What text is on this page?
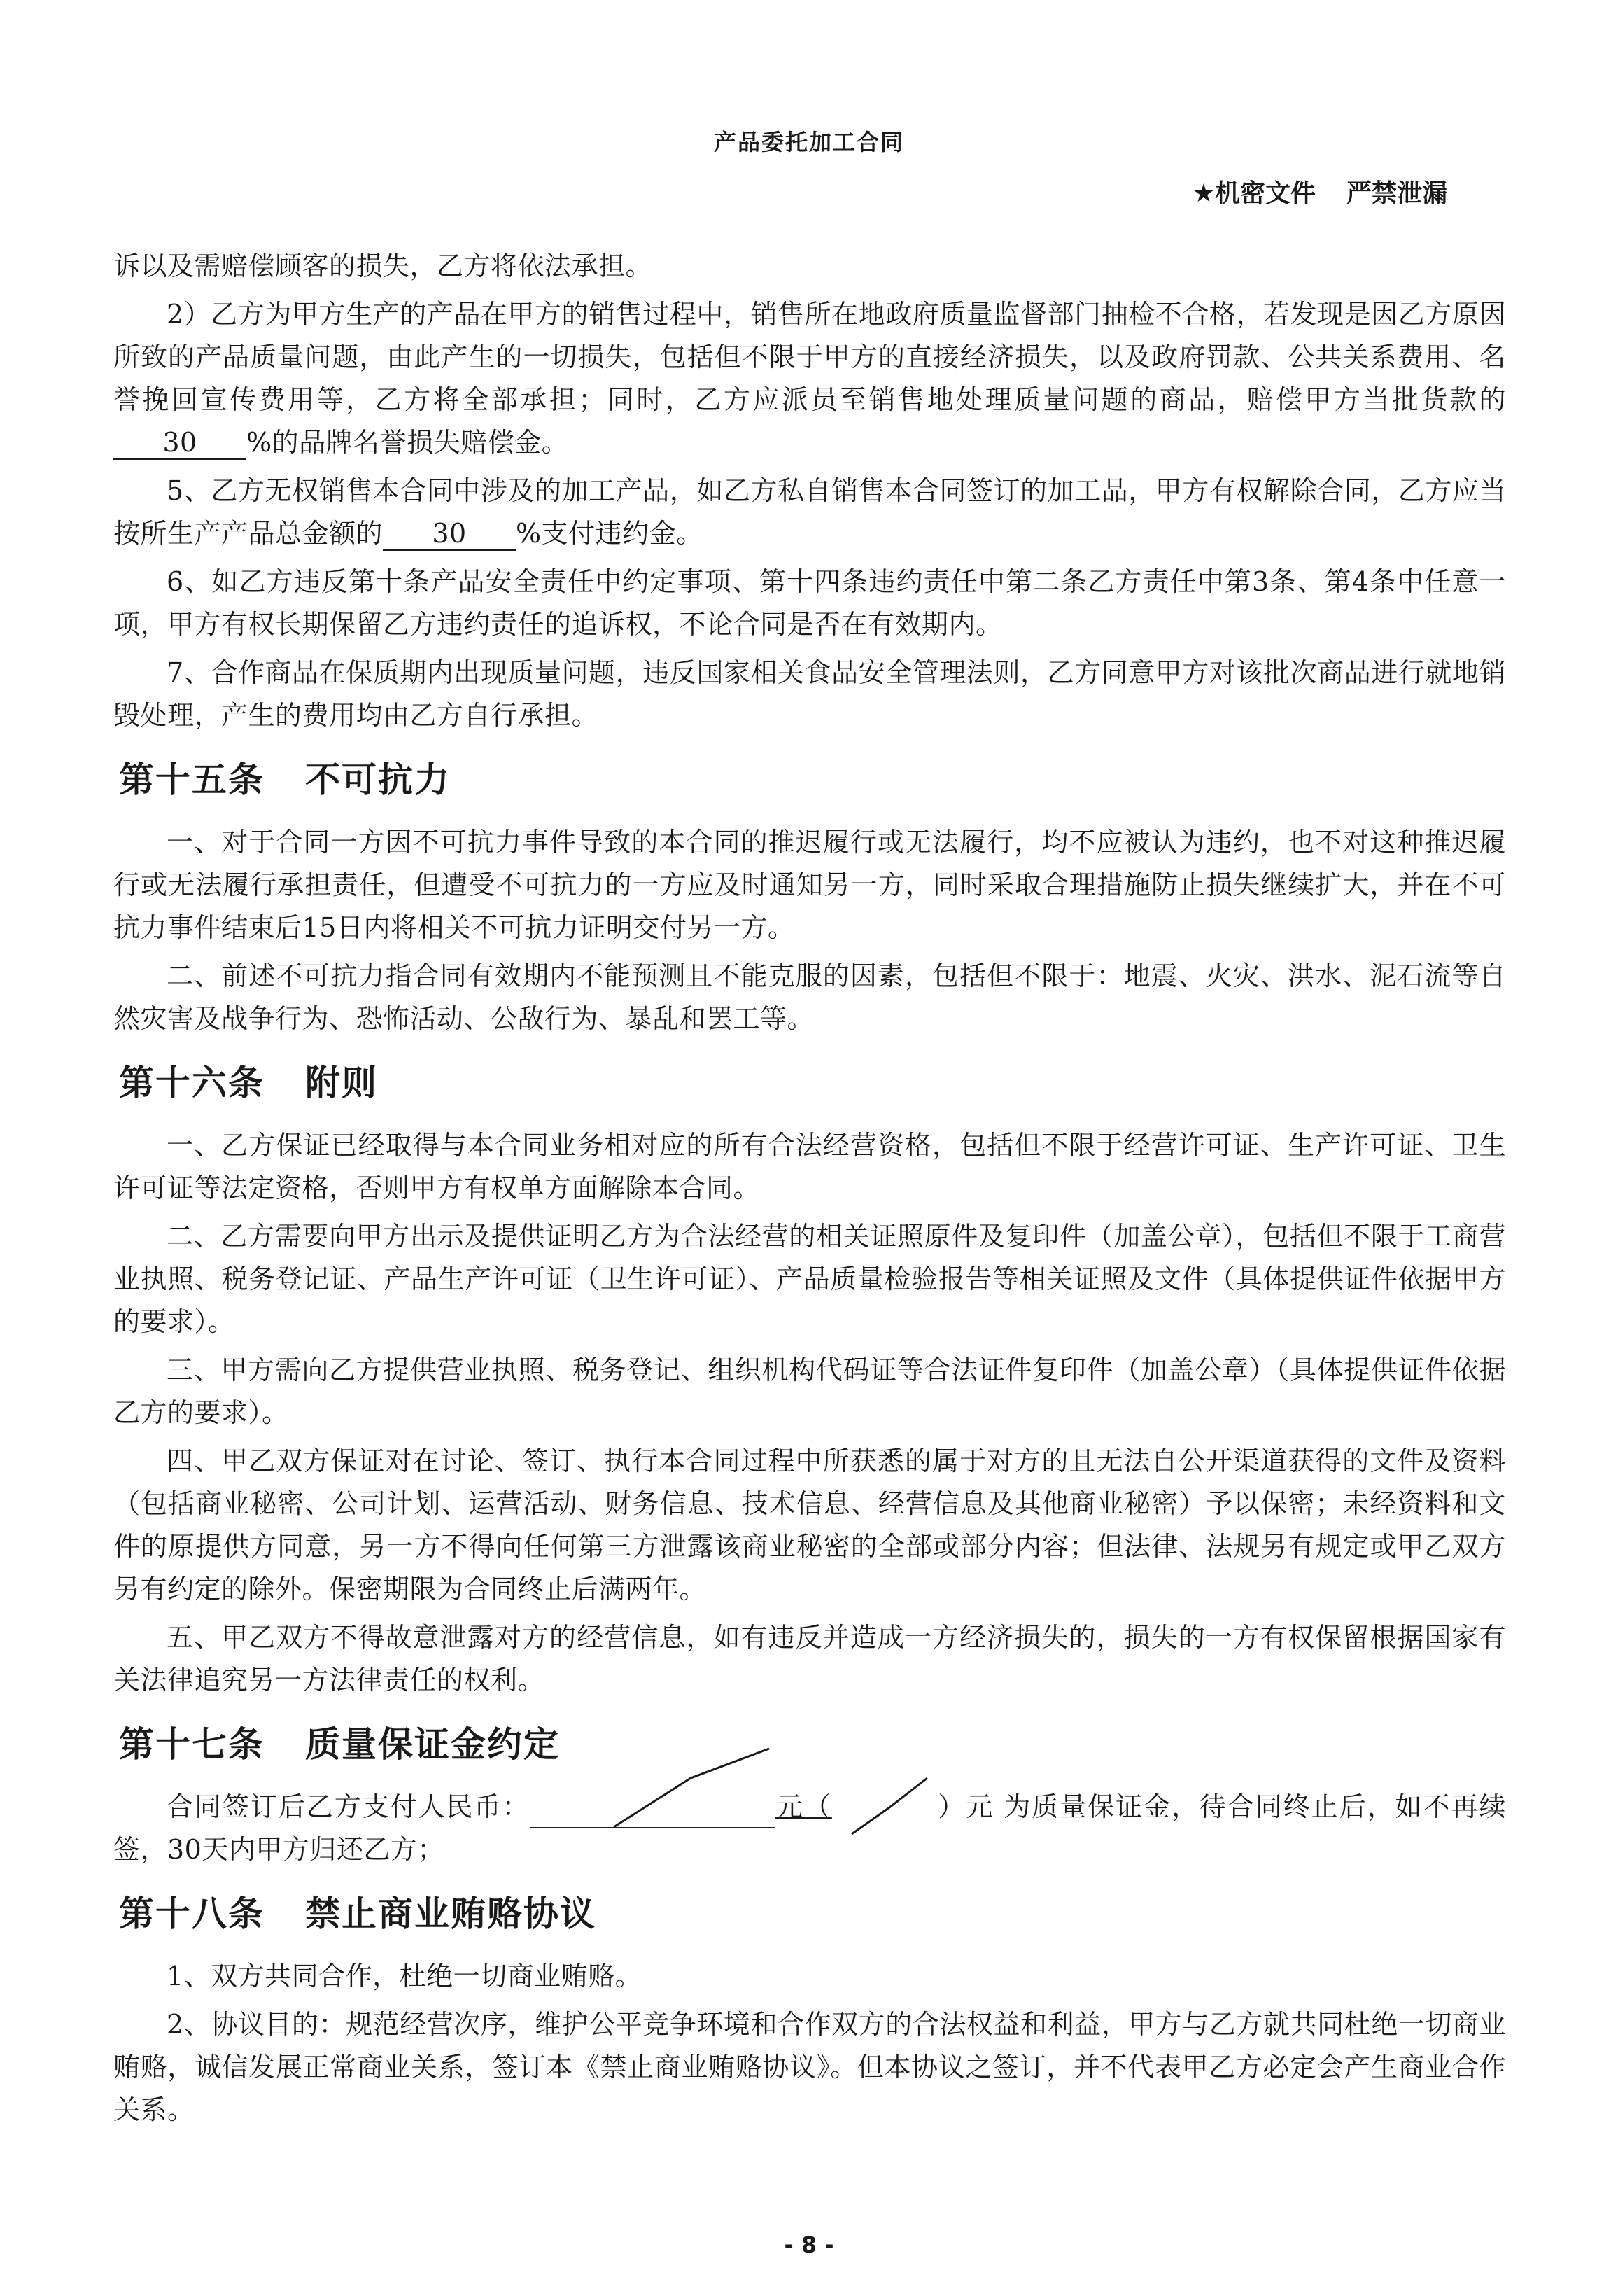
产品委托加工合同
★机密文件 严禁泄漏

诉以及需赔偿顾客的损失，乙方将依法承担。

2）乙方为甲方生产的产品在甲方的销售过程中，销售所在地政府质量监督部门抽检不合格，若发现是因乙方原因所致的产品质量问题，由此产生的一切损失，包括但不限于甲方的直接经济损失，以及政府罚款、公共关系费用、名誉挽回宣传费用等，乙方将全部承担；同时，乙方应派员至销售地处理质量问题的商品，赔偿甲方当批货款的30 %的品牌名誉损失赔偿金。

5、乙方无权销售本合同中涉及的加工产品，如乙方私自销售本合同签订的加工品，甲方有权解除合同，乙方应当按所生产产品总金额的 30 %支付违约金。

6、如乙方违反第十条产品安全责任中约定事项、第十四条违约责任中第二条乙方责任中第3条、第4条中任意一项，甲方有权长期保留乙方违约责任的追诉权，不论合同是否在有效期内。

7、合作商品在保质期内出现质量问题，违反国家相关食品安全管理法则，乙方同意甲方对该批次商品进行就地销毁处理，产生的费用均由乙方自行承担。

第十五条 不可抗力

一、对于合同一方因不可抗力事件导致的本合同的推迟履行或无法履行，均不应被认为违约，也不对这种推迟履行或无法履行承担责任，但遭受不可抗力的一方应及时通知另一方，同时采取合理措施防止损失继续扩大，并在不可抗力事件结束后15日内将相关不可抗力证明交付另一方。

二、前述不可抗力指合同有效期内不能预测且不能克服的因素，包括但不限于：地震、火灾、洪水、泥石流等自然灾害及战争行为、恐怖活动、公敌行为、暴乱和罢工等。

第十六条 附则

一、乙方保证已经取得与本合同业务相对应的所有合法经营资格，包括但不限于经营许可证、生产许可证、卫生许可证等法定资格，否则甲方有权单方面解除本合同。

二、乙方需要向甲方出示及提供证明乙方为合法经营的相关证照原件及复印件（加盖公章），包括但不限于工商营业执照、税务登记证、产品生产许可证（卫生许可证）、产品质量检验报告等相关证照及文件（具体提供证件依据甲方的要求）。

三、甲方需向乙方提供营业执照、税务登记、组织机构代码证等合法证件复印件（加盖公章）（具体提供证件依据乙方的要求）。

四、甲乙双方保证对在讨论、签订、执行本合同过程中所获悉的属于对方的且无法自公开渠道获得的文件及资料（包括商业秘密、公司计划、运营活动、财务信息、技术信息、经营信息及其他商业秘密）予以保密；未经资料和文件的原提供方同意，另一方不得向任何第三方泄露该商业秘密的全部或部分内容；但法律、法规另有规定或甲乙双方另有约定的除外。保密期限为合同终止后满两年。

五、甲乙双方不得故意泄露对方的经营信息，如有违反并造成一方经济损失的，损失的一方有权保留根据国家有关法律追究另一方法律责任的权利。

第十七条 质量保证金约定

合同签订后乙方支付人民币：	元（	）元 为质量保证金，待合同终止后，如不再续签，30天内甲方归还乙方；

第十八条 禁止商业贿赂协议

1、双方共同合作，杜绝一切商业贿赂。

2、协议目的：规范经营次序，维护公平竞争环境和合作双方的合法权益和利益，甲方与乙方就共同杜绝一切商业贿赂，诚信发展正常商业关系，签订本《禁止商业贿赂协议》。但本协议之签订，并不代表甲乙方必定会产生商业合作关系。

- 8 -
